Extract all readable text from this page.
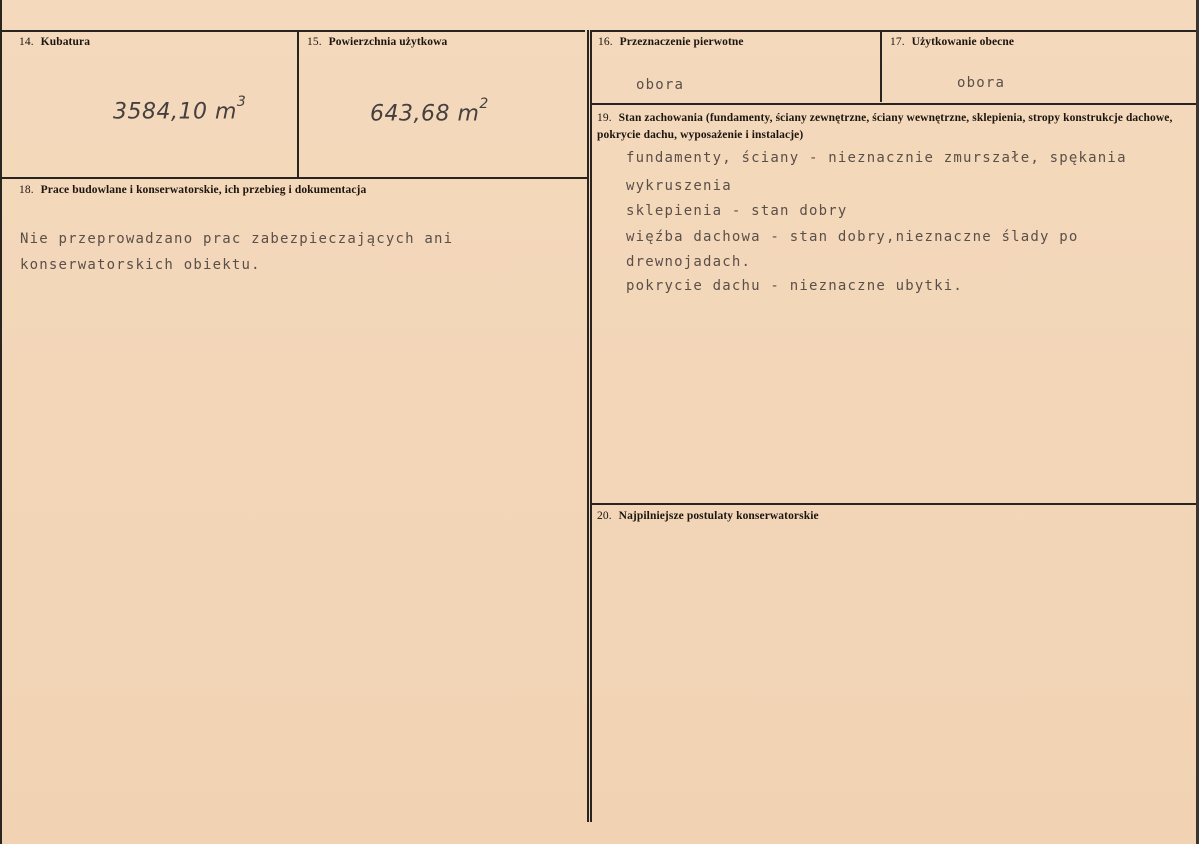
14. Kubatura
3584,10 $m^3$
15. Powierzchnia użytkowa
643,68 $m^2$
16. Przeznaczenie pierwotne
obora
17. Użytkowanie obecne
obora
18. Prace budowlane i konserwatorskie, ich przebieg i dokumentacja
Nie przeprowadzano prac zabezpieczających ani
konserwatorskich obiektu.
19. Stan zachowania (fundamenty, ściany zewnętrzne, ściany wewnętrzne, sklepienia, stropy konstrukcje dachowe, pokrycie dachu, wyposażenie i instalacje)
fundamenty, ściany - nieznacznie zmurszałe, spękania
wykruszenia
sklepienia - stan dobry
więźba dachowa - stan dobry,nieznaczne ślady po
drewnojadach.
pokrycie dachu - nieznaczne ubytki.
20. Najpilniejsze postulaty konserwatorskie
